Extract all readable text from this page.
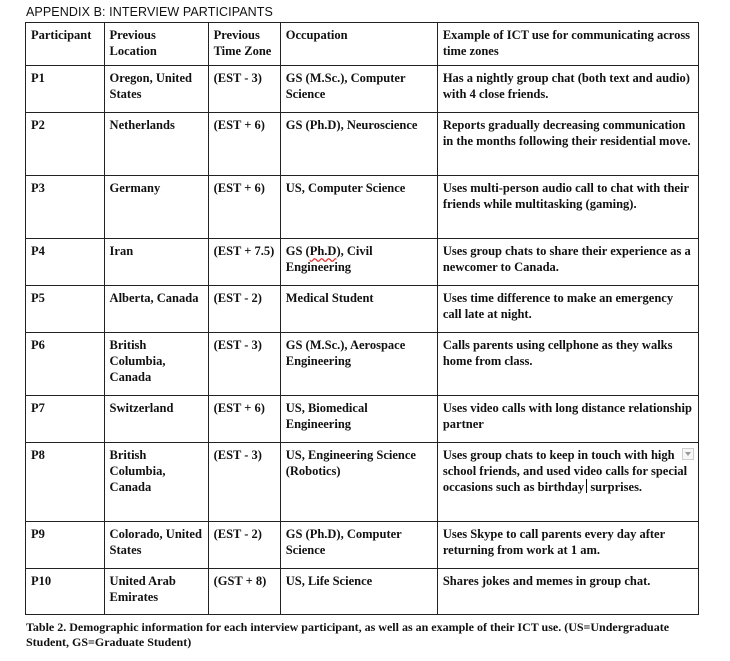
APPENDIX B: INTERVIEW PARTICIPANTS
Participant	Previous Location	Previous Time Zone	Occupation	Example of ICT use for communicating across time zones
P1	Oregon, United States	(EST - 3)	GS (M.Sc.), Computer Science	Has a nightly group chat (both text and audio) with 4 close friends.
P2	Netherlands	(EST + 6)	GS (Ph.D), Neuroscience	Reports gradually decreasing communication in the months following their residential move.
P3	Germany	(EST + 6)	US, Computer Science	Uses multi-person audio call to chat with their friends while multitasking (gaming).
P4	Iran	(EST + 7.5)	GS (Ph.D), Civil Engineering	Uses group chats to share their experience as a newcomer to Canada.
P5	Alberta, Canada	(EST - 2)	Medical Student	Uses time difference to make an emergency call late at night.
P6	British Columbia, Canada	(EST - 3)	GS (M.Sc.), Aerospace Engineering	Calls parents using cellphone as they walks home from class.
P7	Switzerland	(EST + 6)	US, Biomedical Engineering	Uses video calls with long distance relationship partner
P8	British Columbia, Canada	(EST - 3)	US, Engineering Science (Robotics)	Uses group chats to keep in touch with high school friends, and used video calls for special occasions such as birthday surprises.
P9	Colorado, United States	(EST - 2)	GS (Ph.D), Computer Science	Uses Skype to call parents every day after returning from work at 1 am.
P10	United Arab Emirates	(GST + 8)	US, Life Science	Shares jokes and memes in group chat.
Table 2. Demographic information for each interview participant, as well as an example of their ICT use. (US=Undergraduate Student, GS=Graduate Student)
